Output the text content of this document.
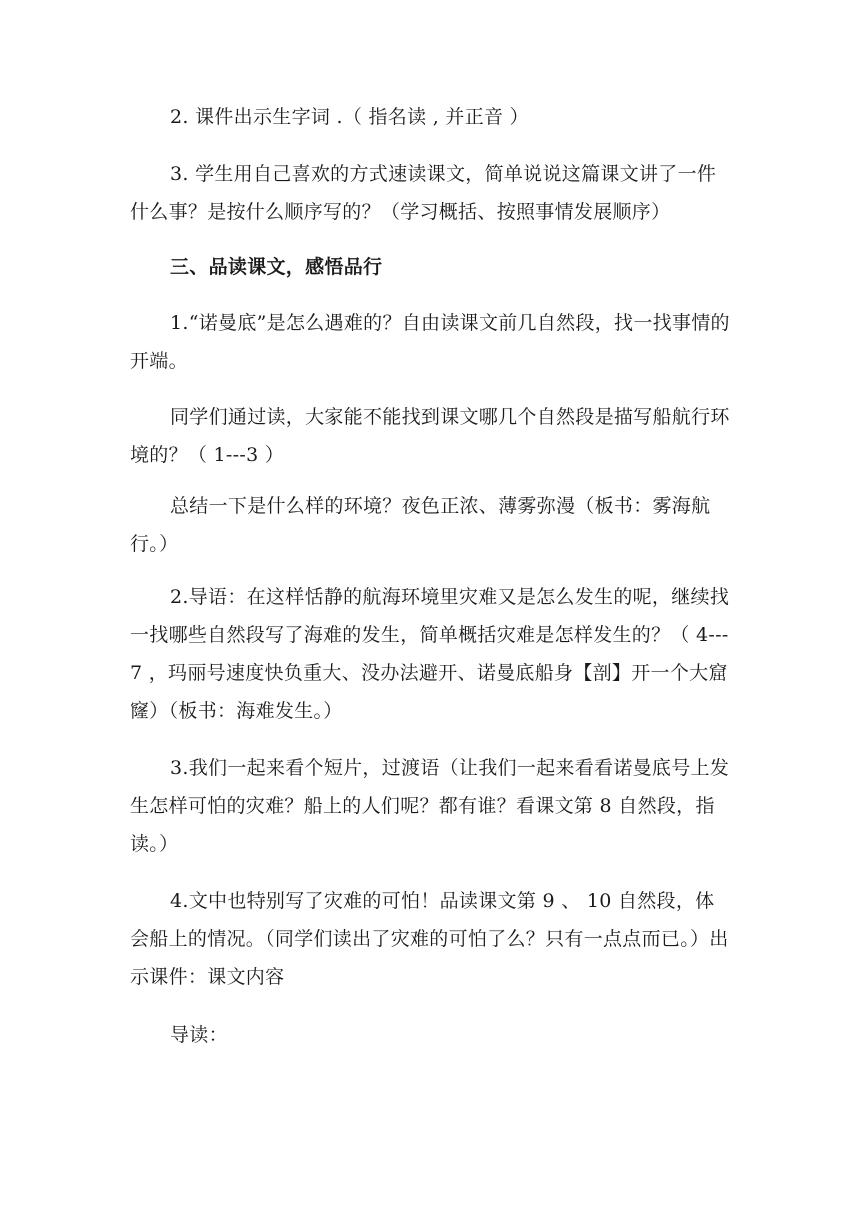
2. 课件出示生字词 .（ 指名读 , 并正音 ）

3. 学生用自己喜欢的方式速读课文，简单说说这篇课文讲了一件什么事？是按什么顺序写的？（学习概括、按照事情发展顺序）

三、品读课文，感悟品行

1.“诺曼底”是怎么遇难的？自由读课文前几自然段，找一找事情的开端。

同学们通过读，大家能不能找到课文哪几个自然段是描写船航行环境的？（ 1---3 ）

总结一下是什么样的环境？夜色正浓、薄雾弥漫（板书：雾海航行。）

2.导语：在这样恬静的航海环境里灾难又是怎么发生的呢，继续找一找哪些自然段写了海难的发生，简单概括灾难是怎样发生的？（ 4---7 ，玛丽号速度快负重大、没办法避开、诺曼底船身【剖】开一个大窟窿）（板书：海难发生。）

3.我们一起来看个短片，过渡语（让我们一起来看看诺曼底号上发生怎样可怕的灾难？船上的人们呢？都有谁？看课文第 8 自然段，指读。）

4.文中也特别写了灾难的可怕！品读课文第 9 、 10 自然段，体会船上的情况。（同学们读出了灾难的可怕了么？只有一点点而已。）出示课件：课文内容

导读：
